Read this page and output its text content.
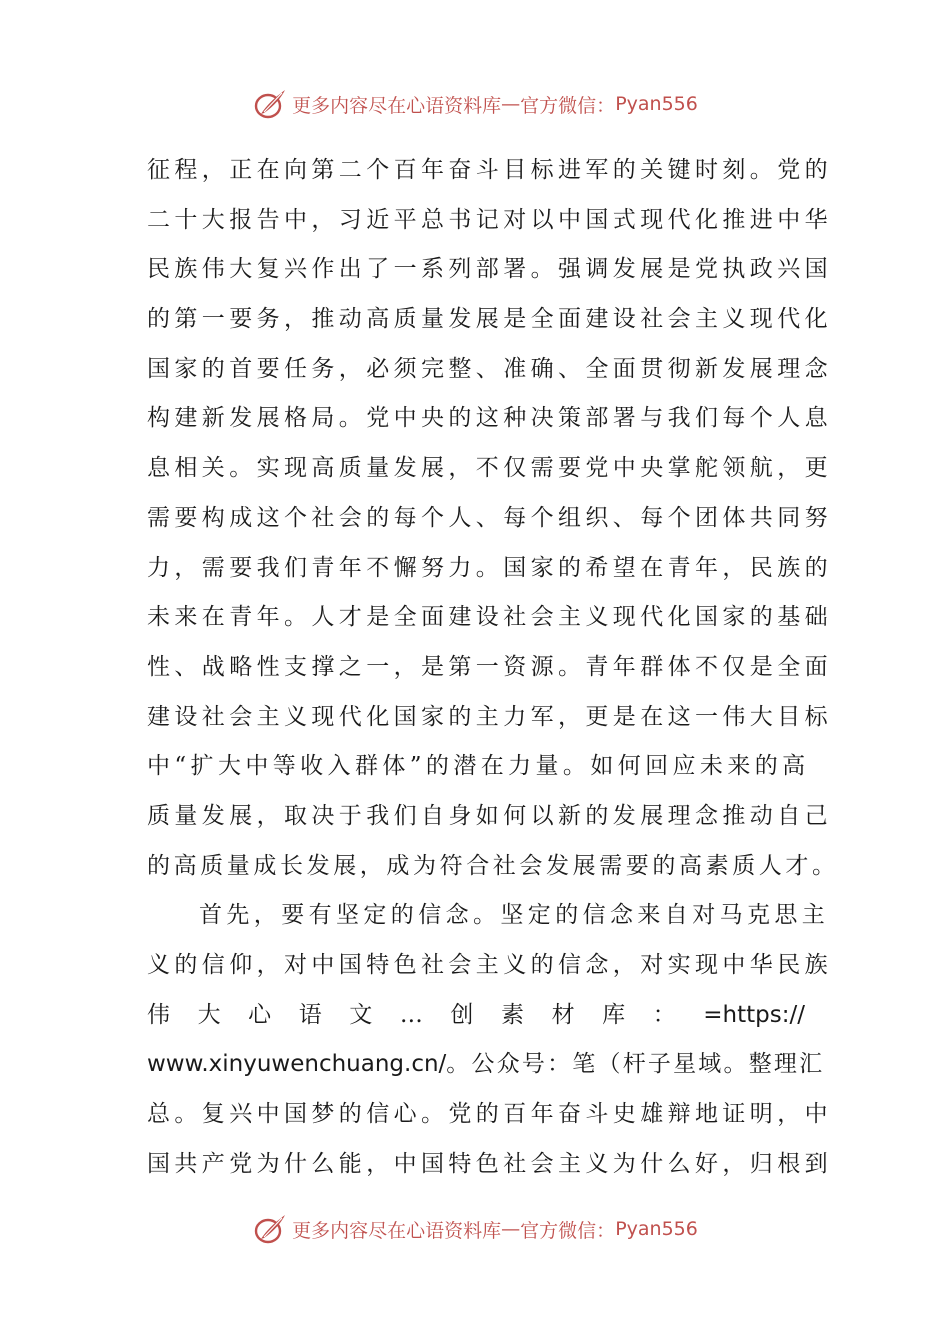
更多内容尽在心语资料库 — 官方微信： Pyan556
征程，正在向第二个百年奋斗目标进军的关键时刻。党的
二十大报告中，习近平总书记对以中国式现代化推进中华
民族伟大复兴作出了一系列部署。强调发展是党执政兴国
的第一要务，推动高质量发展是全面建设社会主义现代化
国家的首要任务，必须完整、准确、全面贯彻新发展理念
构建新发展格局。党中央的这种决策部署与我们每个人息
息相关。实现高质量发展，不仅需要党中央掌舵领航，更
需要构成这个社会的每个人、每个组织、每个团体共同努
力，需要我们青年不懈努力。国家的希望在青年，民族的
未来在青年。人才是全面建设社会主义现代化国家的基础
性、战略性支撑之一，是第一资源。青年群体不仅是全面
建设社会主义现代化国家的主力军，更是在这一伟大目标
中“扩大中等收入群体”的潜在力量。如何回应未来的高
质量发展，取决于我们自身如何以新的发展理念推动自己
的高质量成长发展，成为符合社会发展需要的高素质人才。
首先，要有坚定的信念。坚定的信念来自对马克思主
义的信仰，对中国特色社会主义的信念，对实现中华民族
伟大心语文…创素材库：=https://
www.xinyuwenchuang.cn/。公众号：笔（杆子星域。整理汇
总。复兴中国梦的信心。党的百年奋斗史雄辩地证明，中
国共产党为什么能，中国特色社会主义为什么好，归根到
更多内容尽在心语资料库 — 官方微信： Pyan556
